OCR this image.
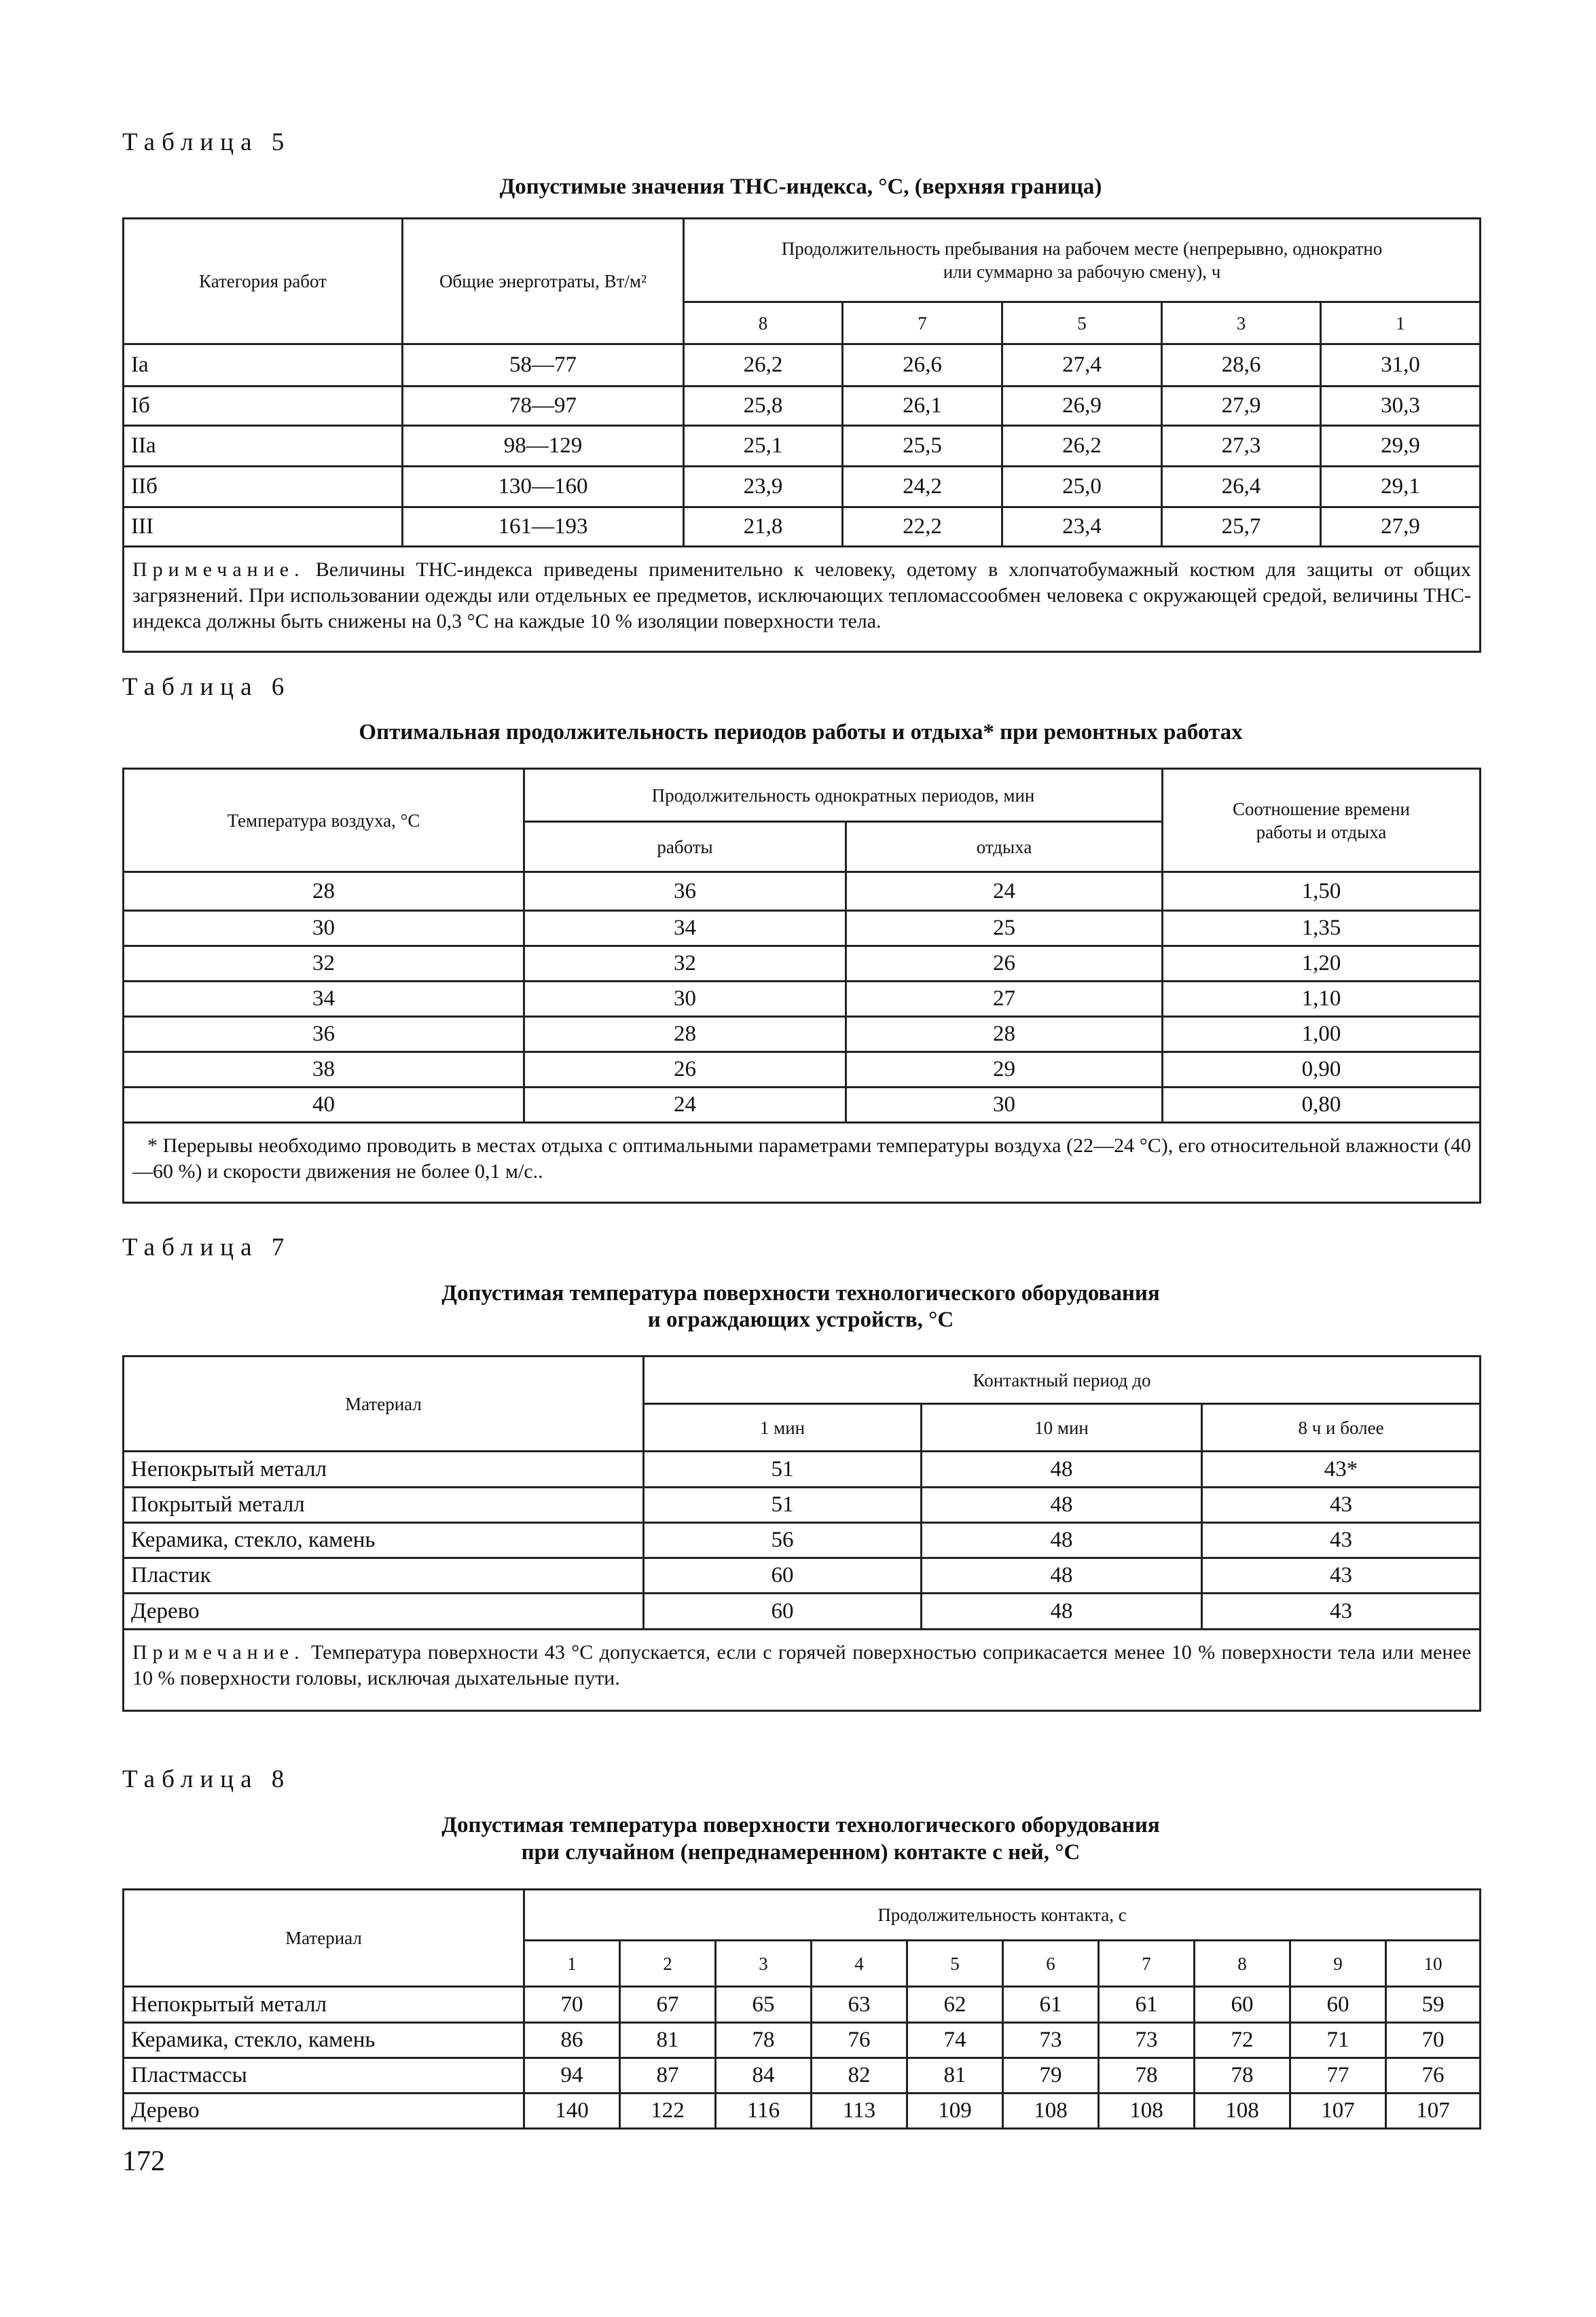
Таблица 5
Допустимые значения ТНС-индекса, °С, (верхняя граница)
Категория работ	Общие энерготраты, Вт/м²	Продолжительность пребывания на рабочем месте (непрерывно, однократно или суммарно за рабочую смену), ч				
		8	7	5	3	1
Iа	58—77	26,2	26,6	27,4	28,6	31,0
Iб	78—97	25,8	26,1	26,9	27,9	30,3
IIа	98—129	25,1	25,5	26,2	27,3	29,9
IIб	130—160	23,9	24,2	25,0	26,4	29,1
III	161—193	21,8	22,2	23,4	25,7	27,9
Примечание. Величины ТНС-индекса приведены применительно к человеку, одетому в хлопчатобумажный костюм для защиты от общих загрязнений. При использовании одежды или отдельных ее предметов, исключающих тепломассообмен человека с окружающей средой, величины ТНС-индекса должны быть снижены на 0,3 °С на каждые 10 % изоляции поверхности тела.						
Таблица 6
Оптимальная продолжительность периодов работы и отдыха* при ремонтных работах
Температура воздуха, °С	Продолжительность однократных периодов, мин		Соотношение времени работы и отдыха
	работы	отдыха	
28	36	24	1,50
30	34	25	1,35
32	32	26	1,20
34	30	27	1,10
36	28	28	1,00
38	26	29	0,90
40	24	30	0,80
* Перерывы необходимо проводить в местах отдыха с оптимальными параметрами температуры воздуха (22—24 °С), его относительной влажности (40—60 %) и скорости движения не более 0,1 м/с..			
Таблица 7
Допустимая температура поверхности технологического оборудования
и ограждающих устройств, °С
Материал	Контактный период до		
	1 мин	10 мин	8 ч и более
Непокрытый металл	51	48	43*
Покрытый металл	51	48	43
Керамика, стекло, камень	56	48	43
Пластик	60	48	43
Дерево	60	48	43
Примечание. Температура поверхности 43 °С допускается, если с горячей поверхностью соприкасается менее 10 % поверхности тела или менее 10 % поверхности головы, исключая дыхательные пути.			
Таблица 8
Допустимая температура поверхности технологического оборудования
при случайном (непреднамеренном) контакте с ней, °С
Материал	Продолжительность контакта, с									
	1	2	3	4	5	6	7	8	9	10
Непокрытый металл	70	67	65	63	62	61	61	60	60	59
Керамика, стекло, камень	86	81	78	76	74	73	73	72	71	70
Пластмассы	94	87	84	82	81	79	78	78	77	76
Дерево	140	122	116	113	109	108	108	108	107	107
172
